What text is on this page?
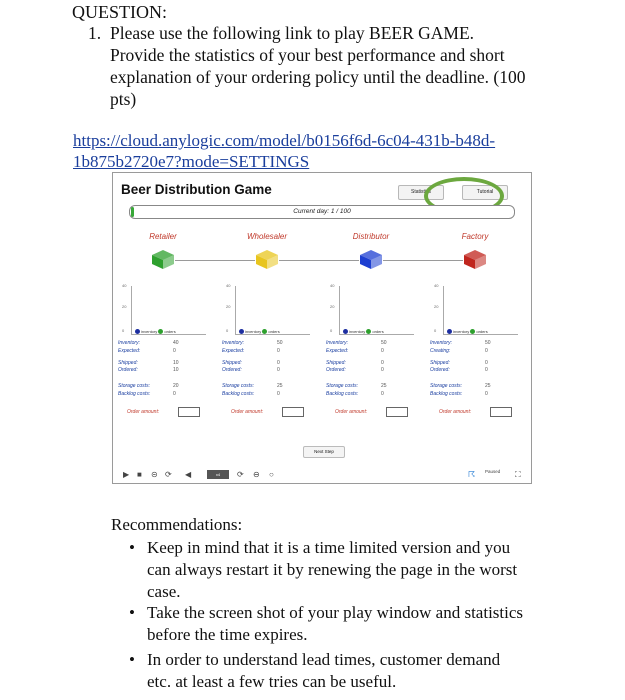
QUESTION:
1. Please use the following link to play BEER GAME.
Provide the statistics of your best performance and short
explanation of your ordering policy until the deadline. (100
pts)
https://cloud.anylogic.com/model/b0156f6d-6c04-431b-b48d-
1b875b2720e7?mode=SETTINGS
Beer Distribution Game	Statistics	Tutorial
Current day: 1 / 100
Retailer
40
20
0	inventory orders
Inventory:	40
Expected:	0
Shipped:	10
Ordered:	10
Storage costs:	20
Backlog costs:	0
Order amount:
Wholesaler
40
20
0	inventory orders
Inventory:	50
Expected:	0
Shipped:	0
Ordered:	0
Storage costs:	25
Backlog costs:	0
Order amount:
Distributor
40
20
0	inventory orders
Inventory:	50
Expected:	0
Shipped:	0
Ordered:	0
Storage costs:	25
Backlog costs:	0
Order amount:
Factory
40
20
0	inventory orders
Inventory:	50
Creating:	0
Shipped:	0
Ordered:	0
Storage costs:	25
Backlog costs:	0
Order amount:
Next Step
▶ ■ ⊝ ⟳ ◀	x4	⟳ ⊖ ○	☈ Paused ⛶
Recommendations:
• Keep in mind that it is a time limited version and you
can always restart it by renewing the page in the worst
case.
• Take the screen shot of your play window and statistics
before the time expires.
• In order to understand lead times, customer demand
etc. at least a few tries can be useful.
